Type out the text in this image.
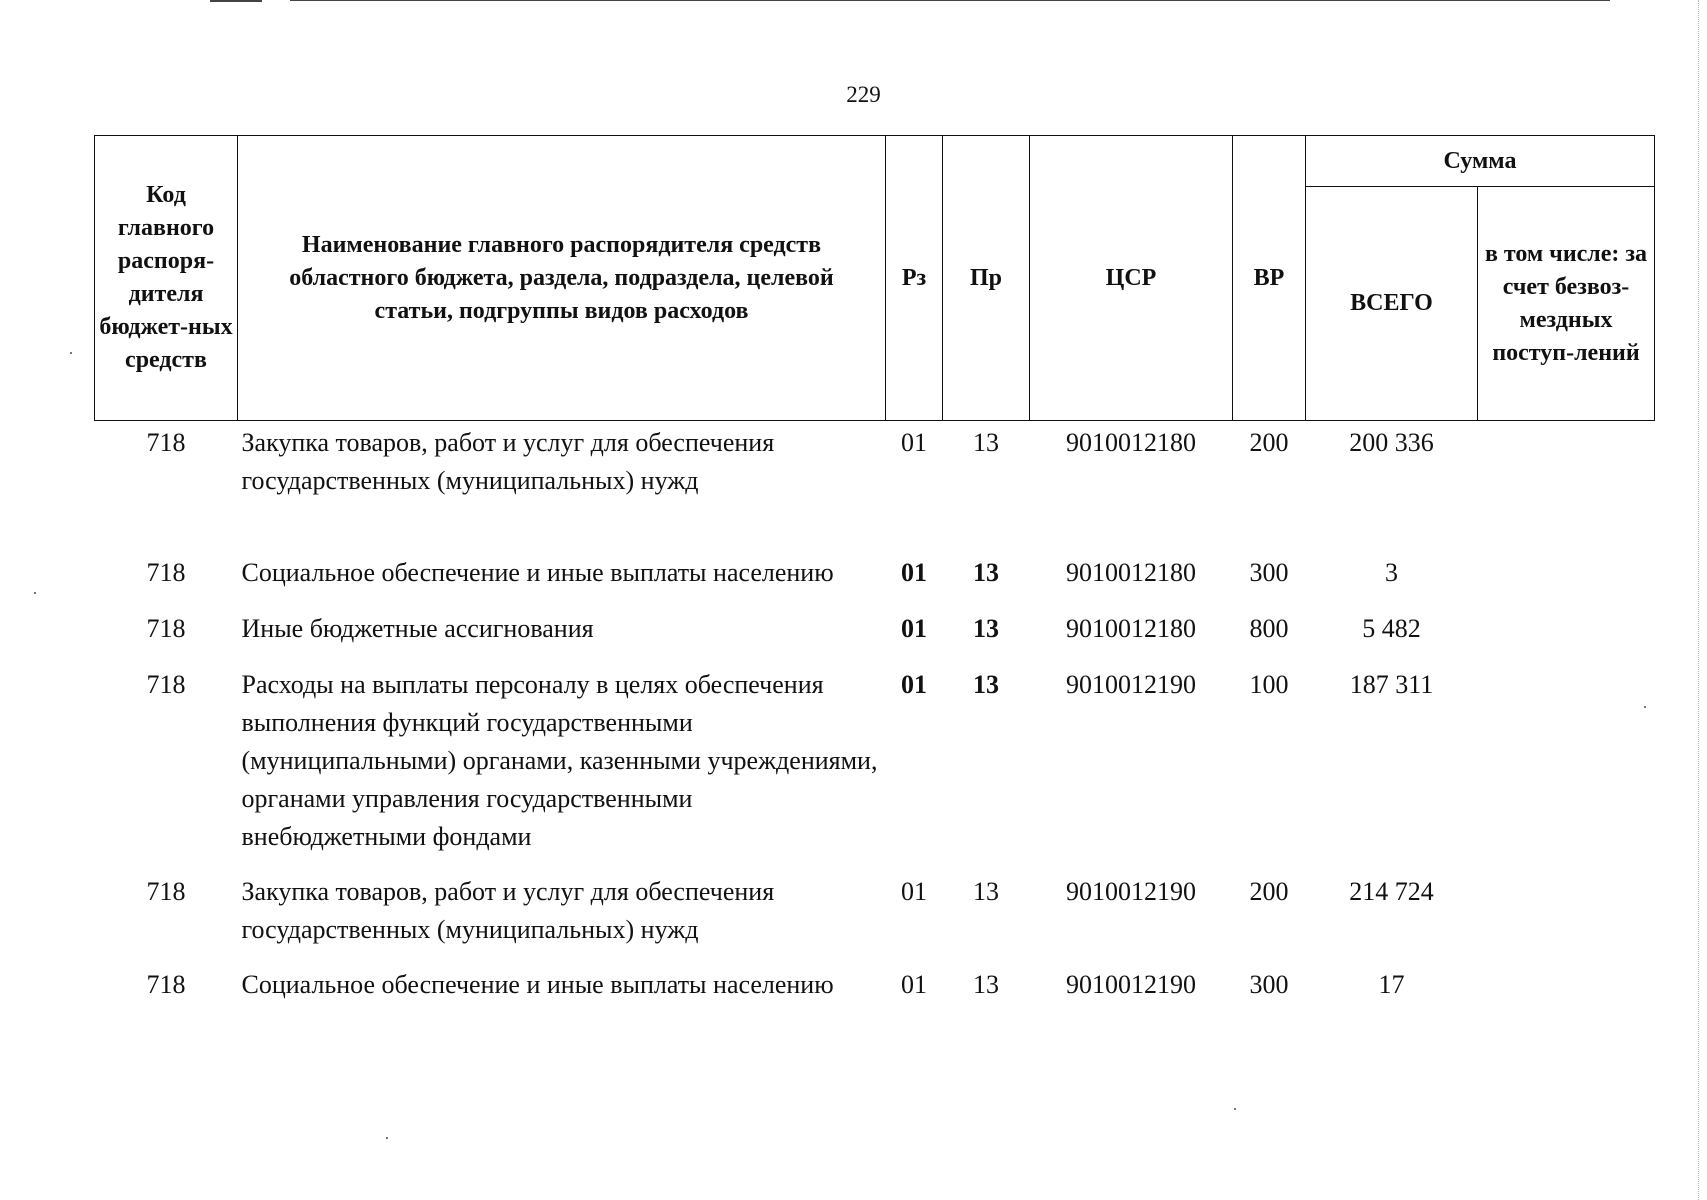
229
Код главного распоря-дителя бюджет-ных средств	Наименование главного распорядителя средств областного бюджета, раздела, подраздела, целевой статьи, подгруппы видов расходов	Рз	Пр	ЦСР	ВР	Сумма	
						ВСЕГО	в том числе: за счет безвоз-мездных поступ-лений
718	Закупка товаров, работ и услуг для обеспечения государственных (муниципальных) нужд	01	13	9010012180	200	200 336	
718	Социальное обеспечение и иные выплаты населению	01	13	9010012180	300	3	
718	Иные бюджетные ассигнования	01	13	9010012180	800	5 482	
718	Расходы на выплаты персоналу в целях обеспечения выполнения функций государственными (муниципальными) органами, казенными учреждениями, органами управления государственными внебюджетными фондами	01	13	9010012190	100	187 311	
718	Закупка товаров, работ и услуг для обеспечения государственных (муниципальных) нужд	01	13	9010012190	200	214 724	
718	Социальное обеспечение и иные выплаты населению	01	13	9010012190	300	17	
